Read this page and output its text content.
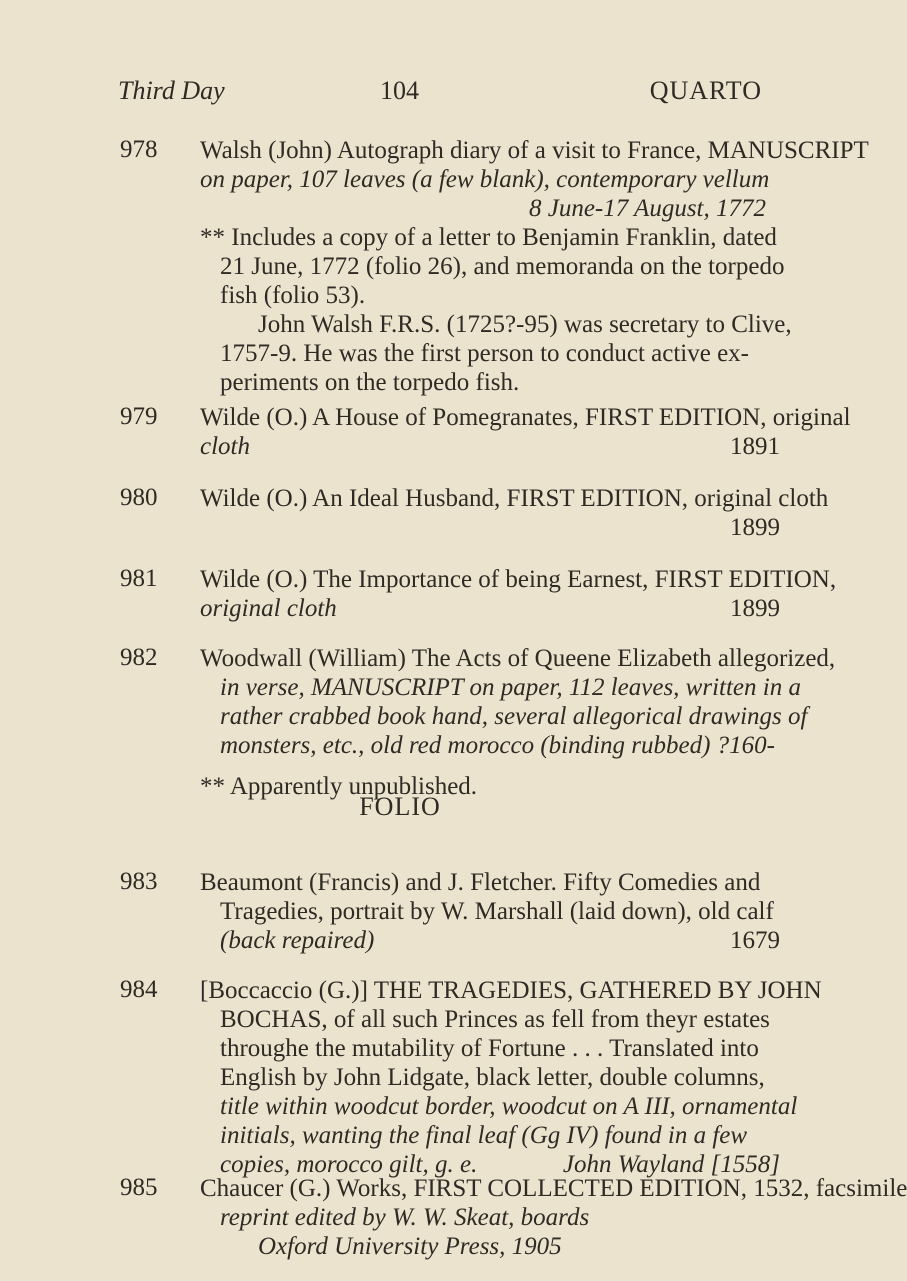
Third Day	104	QUARTO
978 Walsh (John) Autograph diary of a visit to France, MANUSCRIPT
on paper, 107 leaves (a few blank), contemporary vellum
8 June-17 August, 1772
** Includes a copy of a letter to Benjamin Franklin, dated
21 June, 1772 (folio 26), and memoranda on the torpedo
fish (folio 53).
John Walsh F.R.S. (1725?-95) was secretary to Clive,
1757-9. He was the first person to conduct active ex-
periments on the torpedo fish.
979 Wilde (O.) A House of Pomegranates, FIRST EDITION, original
cloth	1891
980 Wilde (O.) An Ideal Husband, FIRST EDITION, original cloth
1899
981 Wilde (O.) The Importance of being Earnest, FIRST EDITION,
original cloth	1899
982 Woodwall (William) The Acts of Queene Elizabeth allegorized,
in verse, MANUSCRIPT on paper, 112 leaves, written in a
rather crabbed book hand, several allegorical drawings of
monsters, etc., old red morocco (binding rubbed) ?160-
** Apparently unpublished.
FOLIO
983 Beaumont (Francis) and J. Fletcher. Fifty Comedies and
Tragedies, portrait by W. Marshall (laid down), old calf
(back repaired)	1679
984 [Boccaccio (G.)] THE TRAGEDIES, GATHERED BY JOHN
BOCHAS, of all such Princes as fell from theyr estates
throughe the mutability of Fortune . . . Translated into
English by John Lidgate, black letter, double columns,
title within woodcut border, woodcut on A III, ornamental
initials, wanting the final leaf (Gg IV) found in a few
copies, morocco gilt, g. e.	John Wayland [1558]
985 Chaucer (G.) Works, FIRST COLLECTED EDITION, 1532, facsimile
reprint edited by W. W. Skeat, boards
Oxford University Press, 1905
